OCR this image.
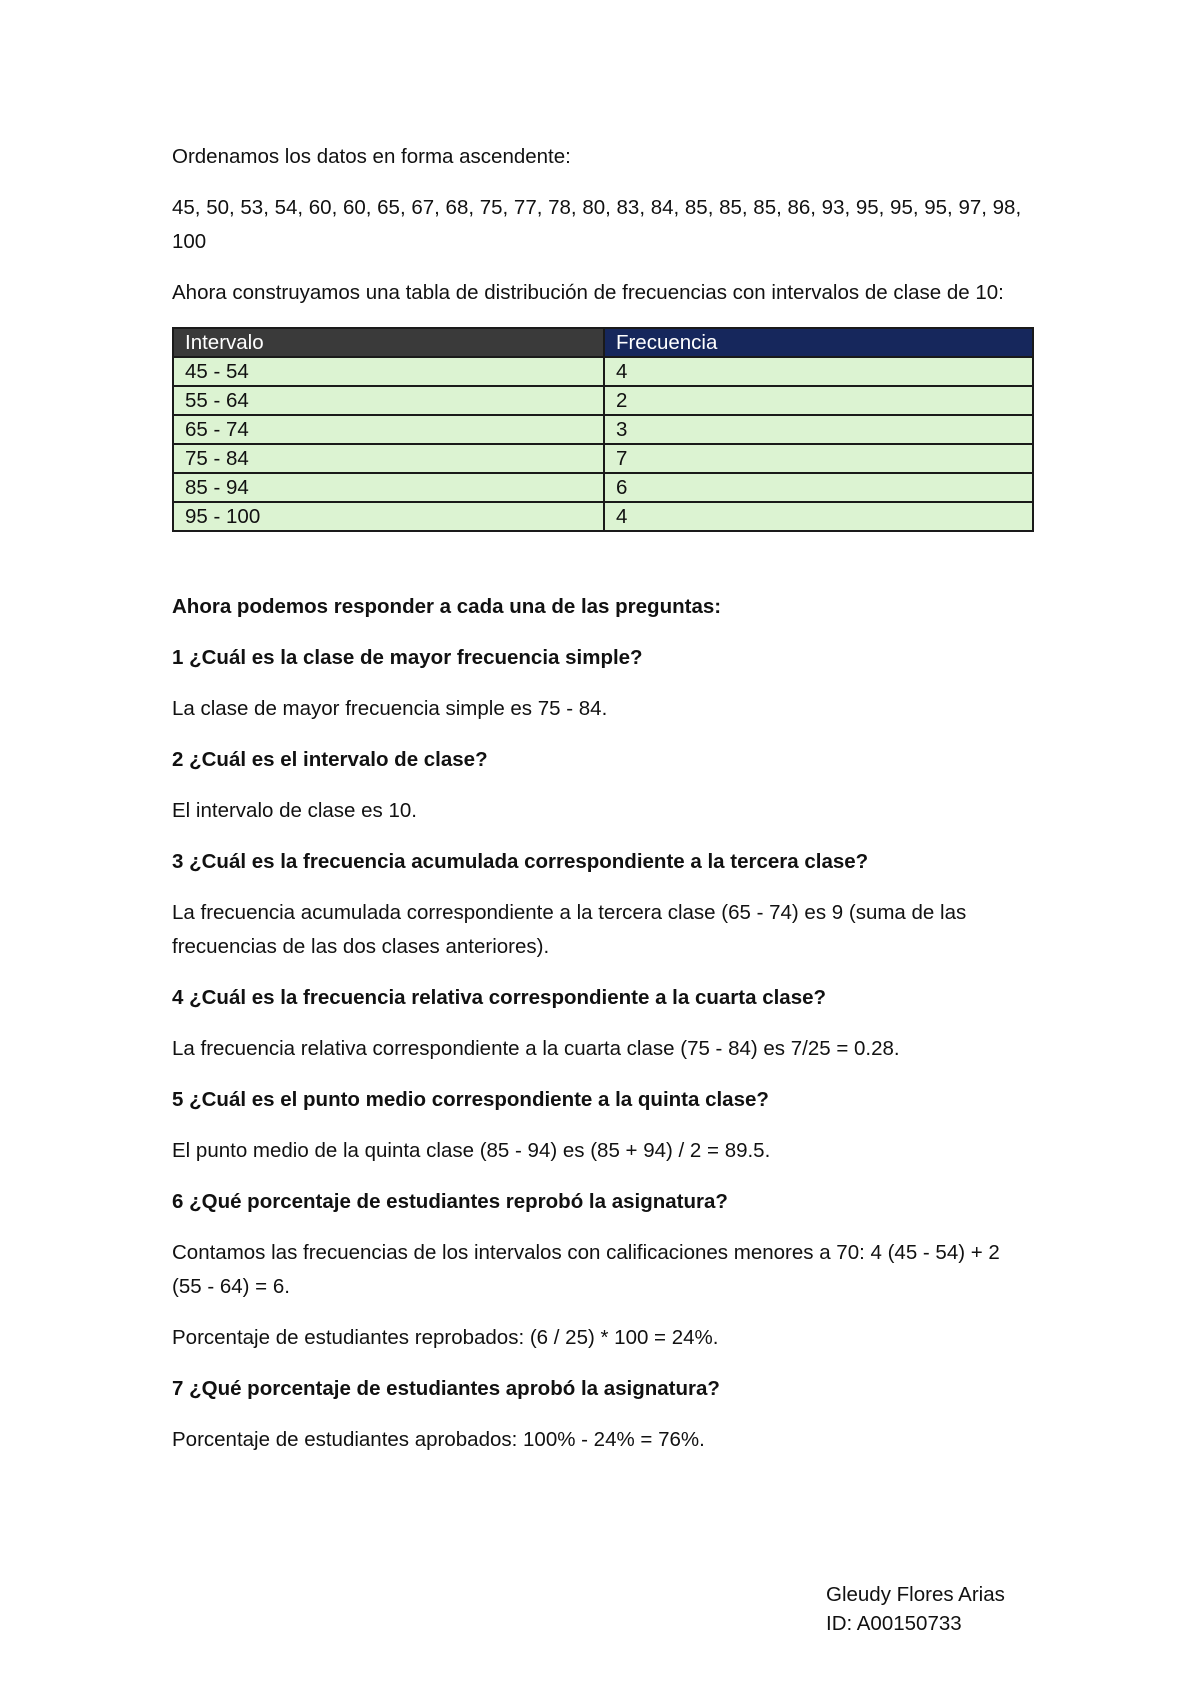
Ordenamos los datos en forma ascendente:

45, 50, 53, 54, 60, 60, 65, 67, 68, 75, 77, 78, 80, 83, 84, 85, 85, 85, 86, 93, 95, 95, 95, 97, 98, 100

Ahora construyamos una tabla de distribución de frecuencias con intervalos de clase de 10:

Intervalo	Frecuencia
45 - 54	4
55 - 64	2
65 - 74	3
75 - 84	7
85 - 94	6
95 - 100	4

Ahora podemos responder a cada una de las preguntas:

1 ¿Cuál es la clase de mayor frecuencia simple?

La clase de mayor frecuencia simple es 75 - 84.

2 ¿Cuál es el intervalo de clase?

El intervalo de clase es 10.

3 ¿Cuál es la frecuencia acumulada correspondiente a la tercera clase?

La frecuencia acumulada correspondiente a la tercera clase (65 - 74) es 9 (suma de las frecuencias de las dos clases anteriores).

4 ¿Cuál es la frecuencia relativa correspondiente a la cuarta clase?

La frecuencia relativa correspondiente a la cuarta clase (75 - 84) es 7/25 = 0.28.

5 ¿Cuál es el punto medio correspondiente a la quinta clase?

El punto medio de la quinta clase (85 - 94) es (85 + 94) / 2 = 89.5.

6 ¿Qué porcentaje de estudiantes reprobó la asignatura?

Contamos las frecuencias de los intervalos con calificaciones menores a 70: 4 (45 - 54) + 2 (55 - 64) = 6.

Porcentaje de estudiantes reprobados: (6 / 25) * 100 = 24%.

7 ¿Qué porcentaje de estudiantes aprobó la asignatura?

Porcentaje de estudiantes aprobados: 100% - 24% = 76%.

Gleudy Flores Arias
ID: A00150733
